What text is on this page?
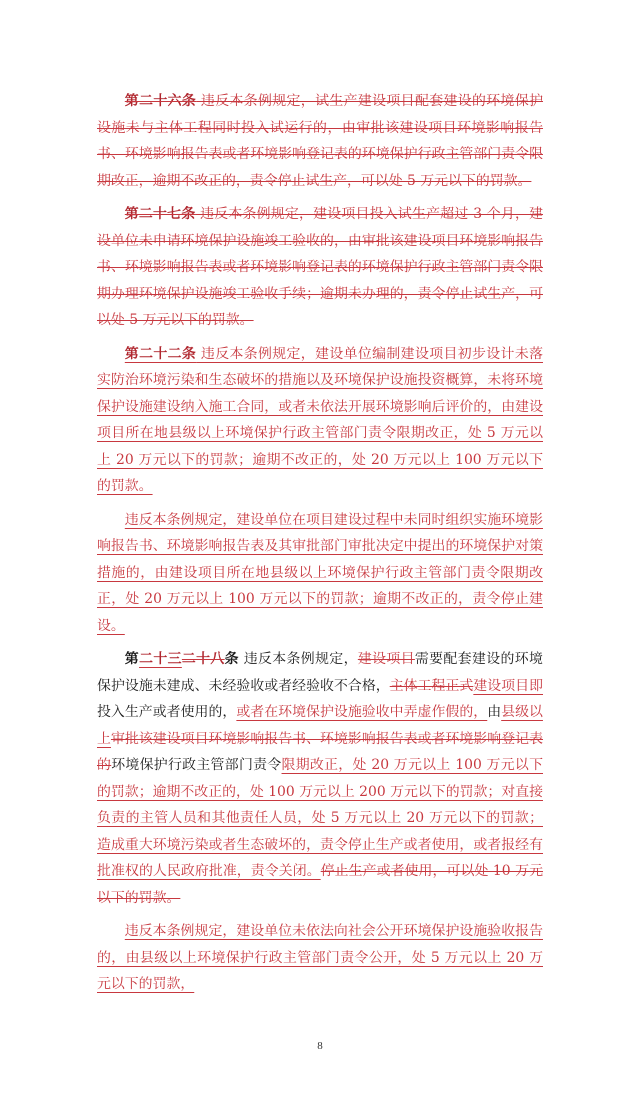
第二十六条 违反本条例规定，试生产建设项目配套建设的环境保护设施未与主体工程同时投入试运行的，由审批该建设项目环境影响报告书、环境影响报告表或者环境影响登记表的环境保护行政主管部门责令限期改正，逾期不改正的，责令停止试生产，可以处 5 万元以下的罚款。

第二十七条 违反本条例规定，建设项目投入试生产超过 3 个月，建设单位未申请环境保护设施竣工验收的，由审批该建设项目环境影响报告书、环境影响报告表或者环境影响登记表的环境保护行政主管部门责令限期办理环境保护设施竣工验收手续；逾期未办理的，责令停止试生产，可以处 5 万元以下的罚款。

第二十二条 违反本条例规定，建设单位编制建设项目初步设计未落实防治环境污染和生态破坏的措施以及环境保护设施投资概算，未将环境保护设施建设纳入施工合同，或者未依法开展环境影响后评价的，由建设项目所在地县级以上环境保护行政主管部门责令限期改正，处 5 万元以上 20 万元以下的罚款；逾期不改正的，处 20 万元以上 100 万元以下的罚款。

违反本条例规定，建设单位在项目建设过程中未同时组织实施环境影响报告书、环境影响报告表及其审批部门审批决定中提出的环境保护对策措施的，由建设项目所在地县级以上环境保护行政主管部门责令限期改正，处 20 万元以上 100 万元以下的罚款；逾期不改正的，责令停止建设。

第二十三二十八条 违反本条例规定，建设项目需要配套建设的环境保护设施未建成、未经验收或者经验收不合格，主体工程正式建设项目即投入生产或者使用的，或者在环境保护设施验收中弄虚作假的，由县级以上审批该建设项目环境影响报告书、环境影响报告表或者环境影响登记表的环境保护行政主管部门责令限期改正，处 20 万元以上 100 万元以下的罚款；逾期不改正的，处 100 万元以上 200 万元以下的罚款；对直接负责的主管人员和其他责任人员，处 5 万元以上 20 万元以下的罚款；造成重大环境污染或者生态破坏的，责令停止生产或者使用，或者报经有批准权的人民政府批准，责令关闭。停止生产或者使用，可以处 10 万元以下的罚款。

违反本条例规定，建设单位未依法向社会公开环境保护设施验收报告的，由县级以上环境保护行政主管部门责令公开，处 5 万元以上 20 万元以下的罚款，

8
